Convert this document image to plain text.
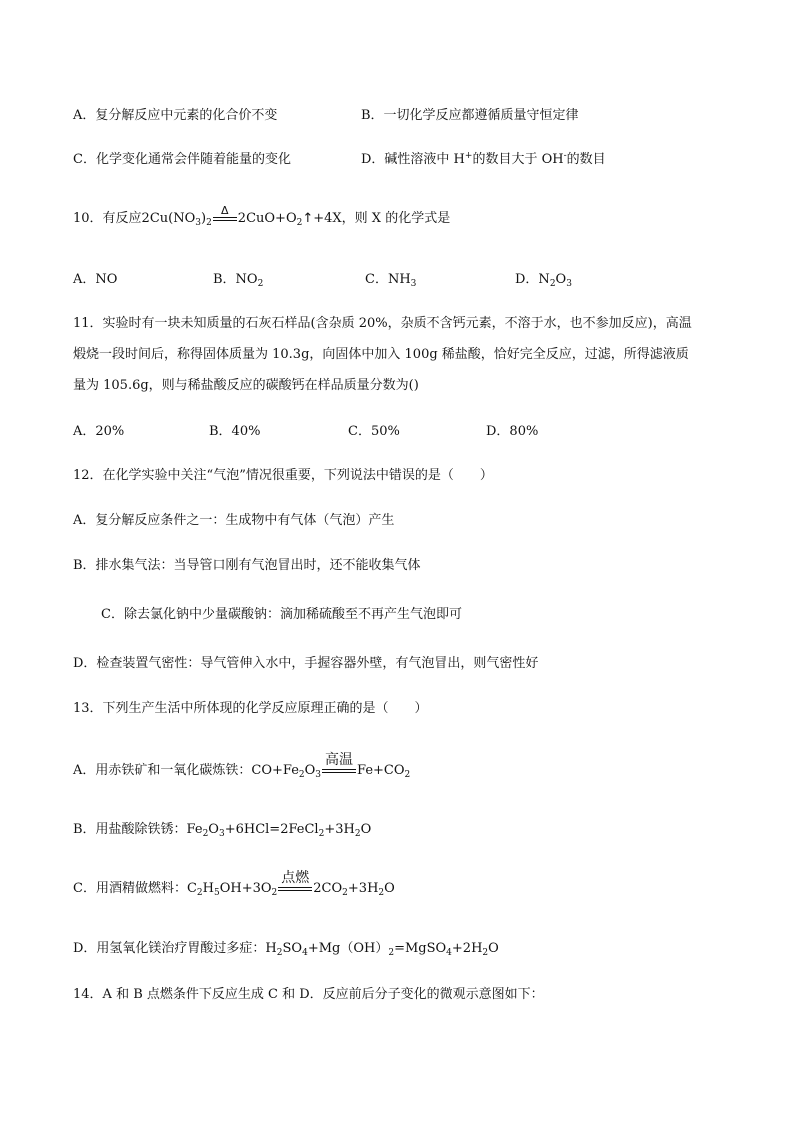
A．复分解反应中元素的化合价不变	B．一切化学反应都遵循质量守恒定律
C．化学变化通常会伴随着能量的变化	D．碱性溶液中 H+的数目大于 OH-的数目
10．有反应$2Cu(NO_3)_2$
Δ
$2CuO+O_2↑+4X$，则 X 的化学式是
A．NO	B．$NO_2$	C．$NH_3$	D．$N_2O_3$
11．实验时有一块未知质量的石灰石样品(含杂质 20%，杂质不含钙元素，不溶于水，也不参加反应)，高温
煅烧一段时间后，称得固体质量为 10.3g，向固体中加入 100g 稀盐酸，恰好完全反应，过滤，所得滤液质
量为 105.6g，则与稀盐酸反应的碳酸钙在样品质量分数为()
A．20%	B．40%	C．50%	D．80%
12．在化学实验中关注“气泡”情况很重要，下列说法中错误的是（　　）
A．复分解反应条件之一：生成物中有气体（气泡）产生
B．排水集气法：当导管口刚有气泡冒出时，还不能收集气体
C．除去氯化钠中少量碳酸钠：滴加稀硫酸至不再产生气泡即可
D．检查装置气密性：导气管伸入水中，手握容器外壁，有气泡冒出，则气密性好
13．下列生产生活中所体现的化学反应原理正确的是（　　）
A．用赤铁矿和一氧化碳炼铁：$CO+Fe_2O_3$
高温
$Fe+CO_2$
B．用盐酸除铁锈：$Fe_2O_3+6HCl=2FeCl_2+3H_2O$
C．用酒精做燃料：$C_2H_5OH+3O_2$
点燃
$2CO_2+3H_2O$
D．用氢氧化镁治疗胃酸过多症：$H_2SO_4+Mg(OH)_2=MgSO_4+2H_2O$
14．A 和 B 点燃条件下反应生成 C 和 D．反应前后分子变化的微观示意图如下：
